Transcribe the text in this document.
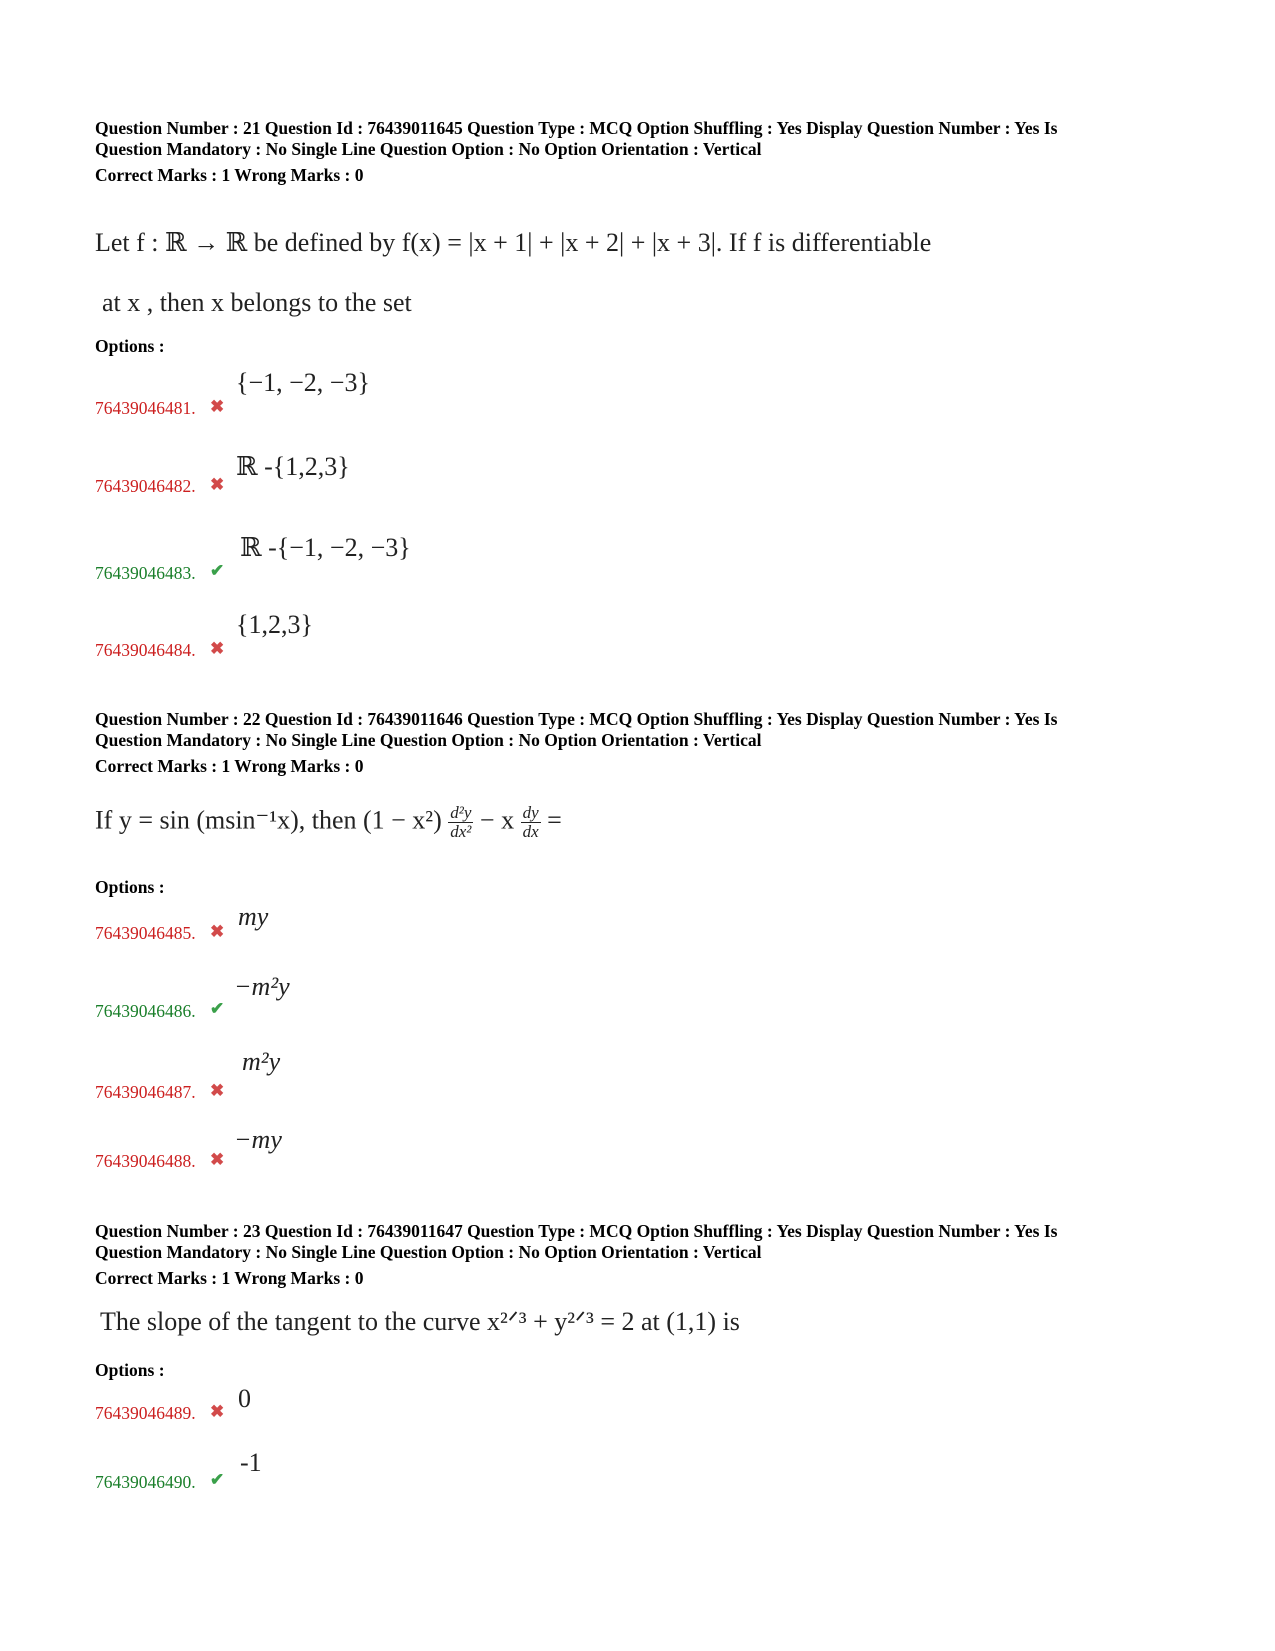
Question Number : 21 Question Id : 76439011645 Question Type : MCQ Option Shuffling : Yes Display Question Number : Yes Is

Question Mandatory : No Single Line Question Option : No Option Orientation : Vertical

Correct Marks : 1 Wrong Marks : 0
Let f : ℝ → ℝ be defined by f(x) = |x + 1| + |x + 2| + |x + 3|. If f is differentiable
at x , then x belongs to the set
Options :
76439046481. ✖
{−1, −2, −3}
76439046482. ✖
ℝ -{1,2,3}
76439046483. ✔
ℝ -{−1, −2, −3}
76439046484. ✖
{1,2,3}

Question Number : 22 Question Id : 76439011646 Question Type : MCQ Option Shuffling : Yes Display Question Number : Yes Is

Question Mandatory : No Single Line Question Option : No Option Orientation : Vertical

Correct Marks : 1 Wrong Marks : 0
If y = sin (msin⁻¹x), then $(1 - x^2) \frac{\text{d²y}}{\text{dx²}} - x \frac{dy}{dx}$ =
Options :
76439046485. ✖
my
76439046486. ✔
−m²y
76439046487. ✖
m²y
76439046488. ✖
−my

Question Number : 23 Question Id : 76439011647 Question Type : MCQ Option Shuffling : Yes Display Question Number : Yes Is

Question Mandatory : No Single Line Question Option : No Option Orientation : Vertical

Correct Marks : 1 Wrong Marks : 0
The slope of the tangent to the curve x²ᐟ³ + y²ᐟ³ = 2 at (1,1) is
Options :
76439046489. ✖ 0
76439046490. ✔
-1
